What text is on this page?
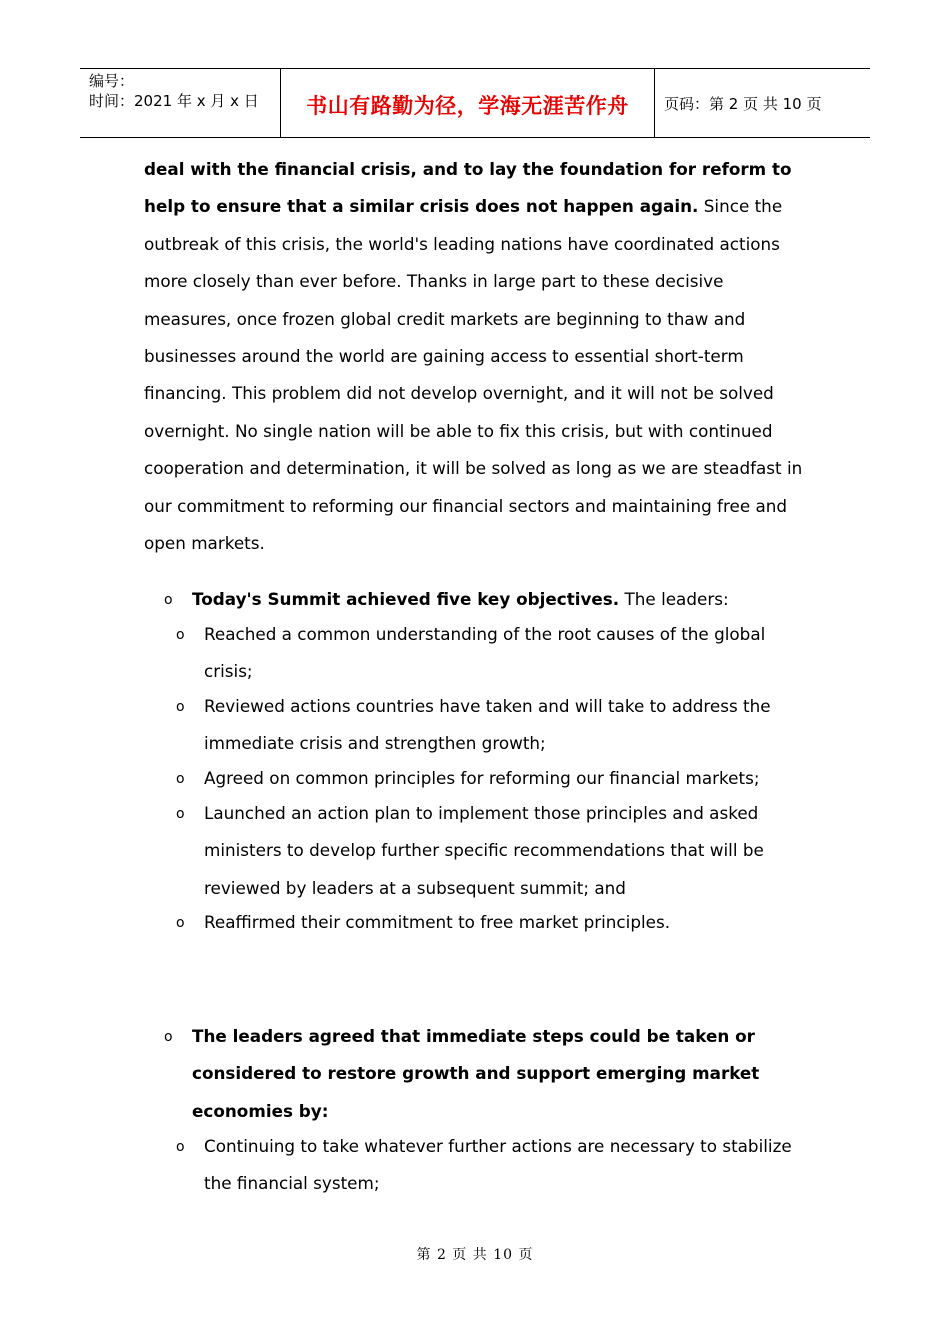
编号：
时间：2021 年 x 月 x 日	书山有路勤为径，学海无涯苦作舟 页码：第 2 页 共 10 页

deal with the financial crisis, and to lay the foundation for reform to help to ensure that a similar crisis does not happen again. Since the outbreak of this crisis, the world's leading nations have coordinated actions more closely than ever before. Thanks in large part to these decisive measures, once frozen global credit markets are beginning to thaw and businesses around the world are gaining access to essential short-term financing. This problem did not develop overnight, and it will not be solved overnight. No single nation will be able to fix this crisis, but with continued cooperation and determination, it will be solved as long as we are steadfast in our commitment to reforming our financial sectors and maintaining free and open markets.

o Today's Summit achieved five key objectives. The leaders:
o Reached a common understanding of the root causes of the global crisis;
o Reviewed actions countries have taken and will take to address the immediate crisis and strengthen growth;
o Agreed on common principles for reforming our financial markets;
o Launched an action plan to implement those principles and asked ministers to develop further specific recommendations that will be reviewed by leaders at a subsequent summit; and
o Reaffirmed their commitment to free market principles.
o The leaders agreed that immediate steps could be taken or considered to restore growth and support emerging market economies by:
o Continuing to take whatever further actions are necessary to stabilize the financial system;
第 2 页 共 10 页
